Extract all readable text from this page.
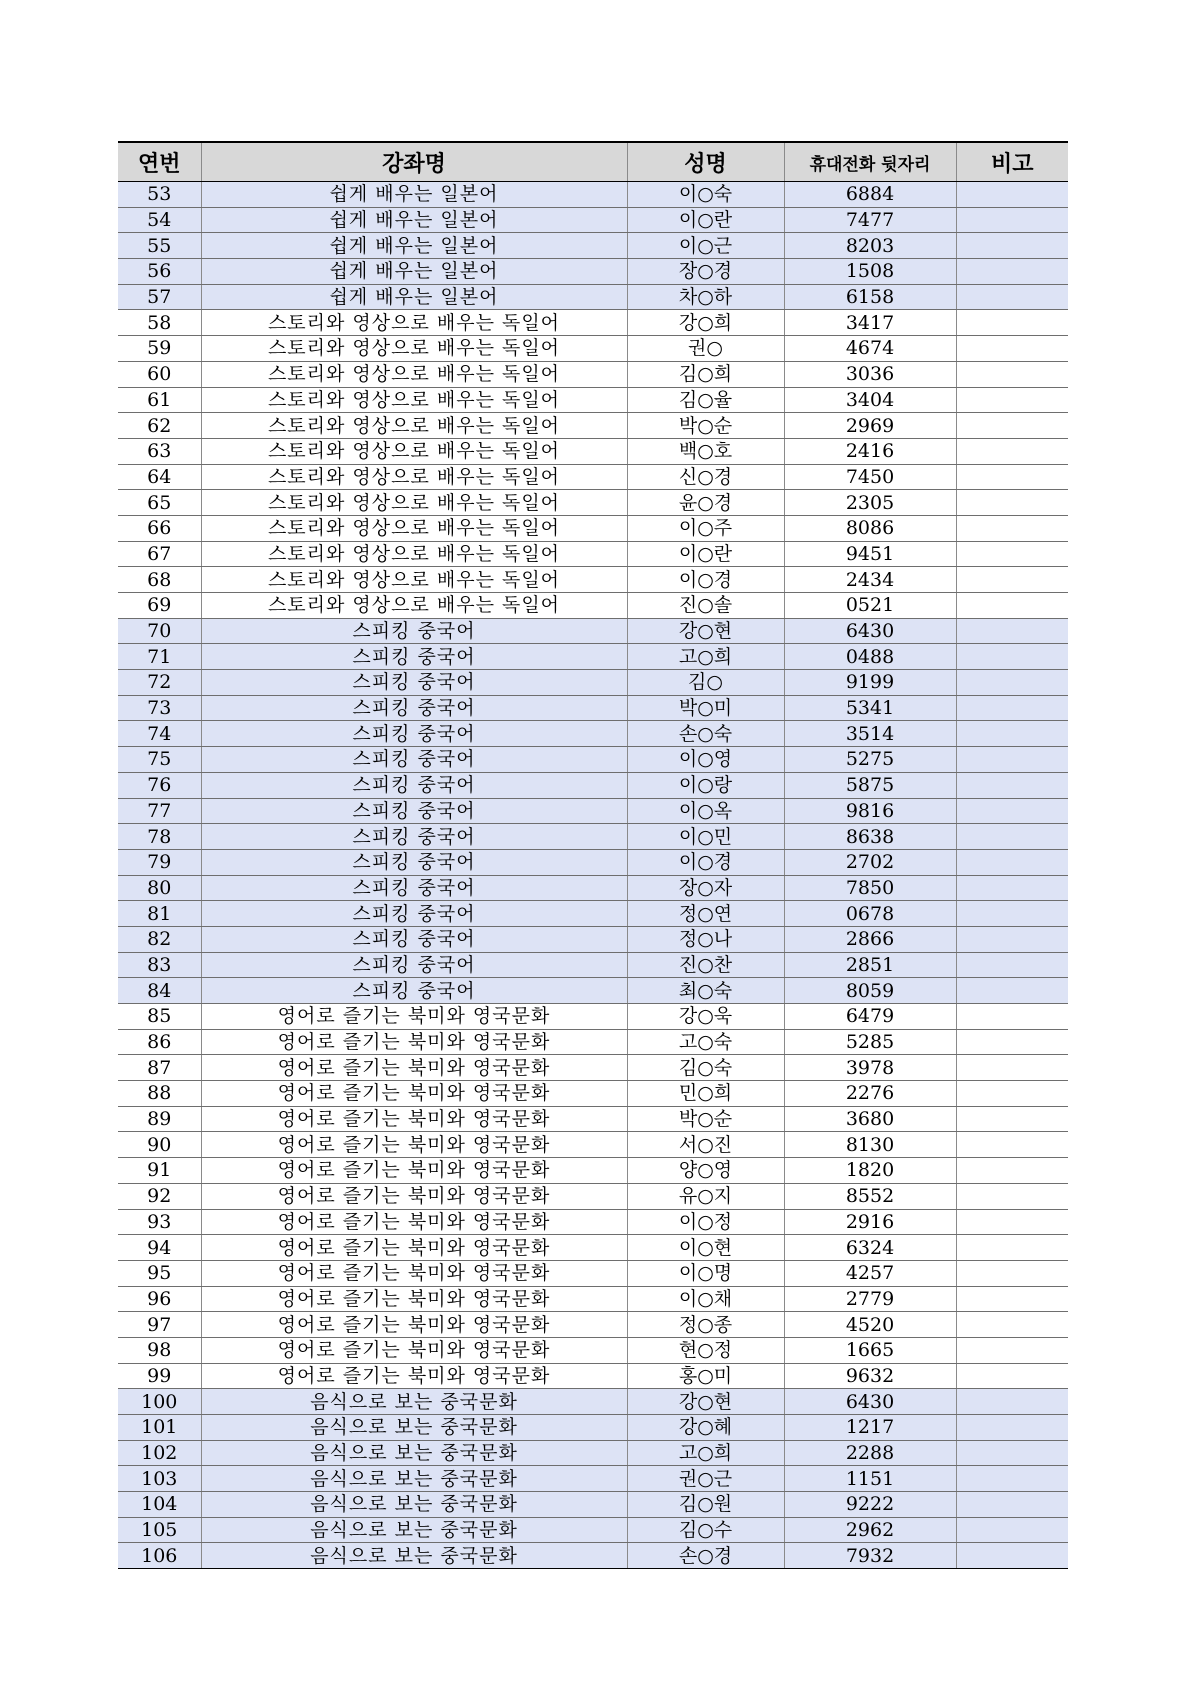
연번	강좌명	성명	휴대전화 뒷자리	비고
53	쉽게 배우는 일본어	이○숙	6884	
54	쉽게 배우는 일본어	이○란	7477	
55	쉽게 배우는 일본어	이○근	8203	
56	쉽게 배우는 일본어	장○경	1508	
57	쉽게 배우는 일본어	차○하	6158	
58	스토리와 영상으로 배우는 독일어	강○희	3417	
59	스토리와 영상으로 배우는 독일어	권○	4674	
60	스토리와 영상으로 배우는 독일어	김○희	3036	
61	스토리와 영상으로 배우는 독일어	김○율	3404	
62	스토리와 영상으로 배우는 독일어	박○순	2969	
63	스토리와 영상으로 배우는 독일어	백○호	2416	
64	스토리와 영상으로 배우는 독일어	신○경	7450	
65	스토리와 영상으로 배우는 독일어	윤○경	2305	
66	스토리와 영상으로 배우는 독일어	이○주	8086	
67	스토리와 영상으로 배우는 독일어	이○란	9451	
68	스토리와 영상으로 배우는 독일어	이○경	2434	
69	스토리와 영상으로 배우는 독일어	진○솔	0521	
70	스피킹 중국어	강○현	6430	
71	스피킹 중국어	고○희	0488	
72	스피킹 중국어	김○	9199	
73	스피킹 중국어	박○미	5341	
74	스피킹 중국어	손○숙	3514	
75	스피킹 중국어	이○영	5275	
76	스피킹 중국어	이○랑	5875	
77	스피킹 중국어	이○옥	9816	
78	스피킹 중국어	이○민	8638	
79	스피킹 중국어	이○경	2702	
80	스피킹 중국어	장○자	7850	
81	스피킹 중국어	정○연	0678	
82	스피킹 중국어	정○나	2866	
83	스피킹 중국어	진○찬	2851	
84	스피킹 중국어	최○숙	8059	
85	영어로 즐기는 북미와 영국문화	강○욱	6479	
86	영어로 즐기는 북미와 영국문화	고○숙	5285	
87	영어로 즐기는 북미와 영국문화	김○숙	3978	
88	영어로 즐기는 북미와 영국문화	민○희	2276	
89	영어로 즐기는 북미와 영국문화	박○순	3680	
90	영어로 즐기는 북미와 영국문화	서○진	8130	
91	영어로 즐기는 북미와 영국문화	양○영	1820	
92	영어로 즐기는 북미와 영국문화	유○지	8552	
93	영어로 즐기는 북미와 영국문화	이○정	2916	
94	영어로 즐기는 북미와 영국문화	이○현	6324	
95	영어로 즐기는 북미와 영국문화	이○명	4257	
96	영어로 즐기는 북미와 영국문화	이○채	2779	
97	영어로 즐기는 북미와 영국문화	정○종	4520	
98	영어로 즐기는 북미와 영국문화	현○정	1665	
99	영어로 즐기는 북미와 영국문화	홍○미	9632	
100	음식으로 보는 중국문화	강○현	6430	
101	음식으로 보는 중국문화	강○혜	1217	
102	음식으로 보는 중국문화	고○희	2288	
103	음식으로 보는 중국문화	권○근	1151	
104	음식으로 보는 중국문화	김○원	9222	
105	음식으로 보는 중국문화	김○수	2962	
106	음식으로 보는 중국문화	손○경	7932	
